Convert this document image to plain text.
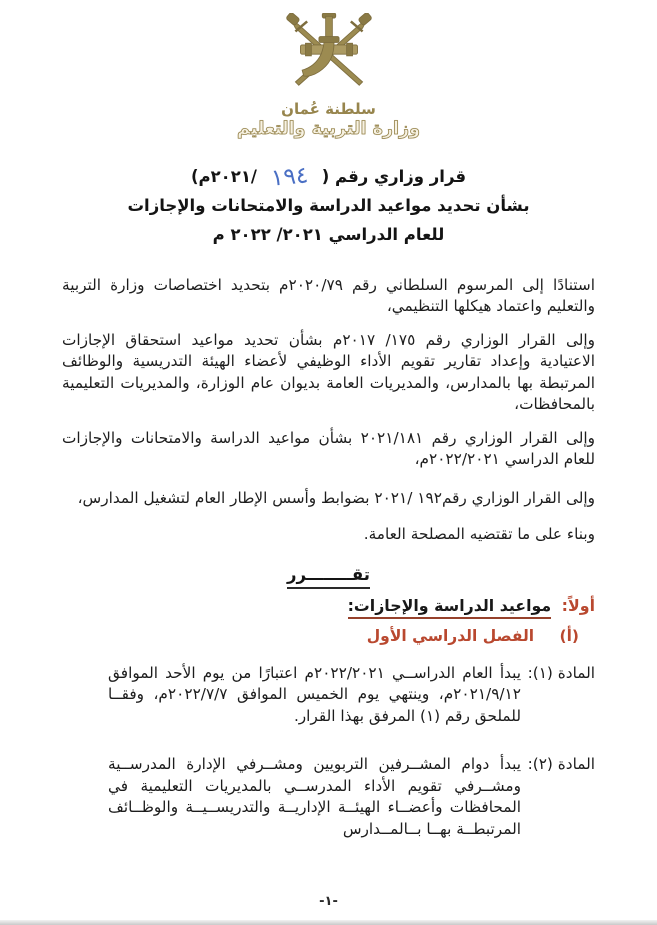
سلطنة عُمان
وزارة التربية والتعليم
قرار وزاري رقم (١٩٤ /٢٠٢١م)
بشأن تحديد مواعيد الدراسة والامتحانات والإجازات
للعام الدراسي ٢٠٢١/ ٢٠٢٢ م

استنادًا إلى المرسوم السلطاني رقم ٢٠٢٠/٧٩م بتحديد اختصاصات وزارة التربية والتعليم واعتماد هيكلها التنظيمي،

وإلى القرار الوزاري رقم ١٧٥/ ٢٠١٧م بشأن تحديد مواعيد استحقاق الإجازات الاعتيادية وإعداد تقارير تقويم الأداء الوظيفي لأعضاء الهيئة التدريسية والوظائف المرتبطة بها بالمدارس، والمديريات العامة بديوان عام الوزارة، والمديريات التعليمية بالمحافظات،

وإلى القرار الوزاري رقم ٢٠٢١/١٨١ بشأن مواعيد الدراسة والامتحانات والإجازات للعام الدراسي ٢٠٢٢/٢٠٢١م،

وإلى القرار الوزاري رقم١٩٢ /٢٠٢١ بضوابط وأسس الإطار العام لتشغيل المدارس،

وبناء على ما تقتضيه المصلحة العامة.

تقــــــــرر
أولاً: مواعيد الدراسة والإجازات:
(أ) الفصل الدراسي الأول
المادة (١):
يبدأ العام الدراســي ٢٠٢٢/٢٠٢١م اعتبارًا من يوم الأحد الموافق ٢٠٢١/٩/١٢م، وينتهي يوم الخميس الموافق ٢٠٢٢/٧/٧م، وفقــا للملحق رقم (١) المرفق بهذا القرار.
المادة (٢):
يبدأ دوام المشــرفين التربويين ومشــرفي الإدارة المدرســية ومشــرفي تقويم الأداء المدرســي بالمديريات التعليمية في المحافظات وأعضــاء الهيئــة الإداريــة والتدريســيــة والوظــائف المرتبطــة بهــا بــالمــدارس
-١-
